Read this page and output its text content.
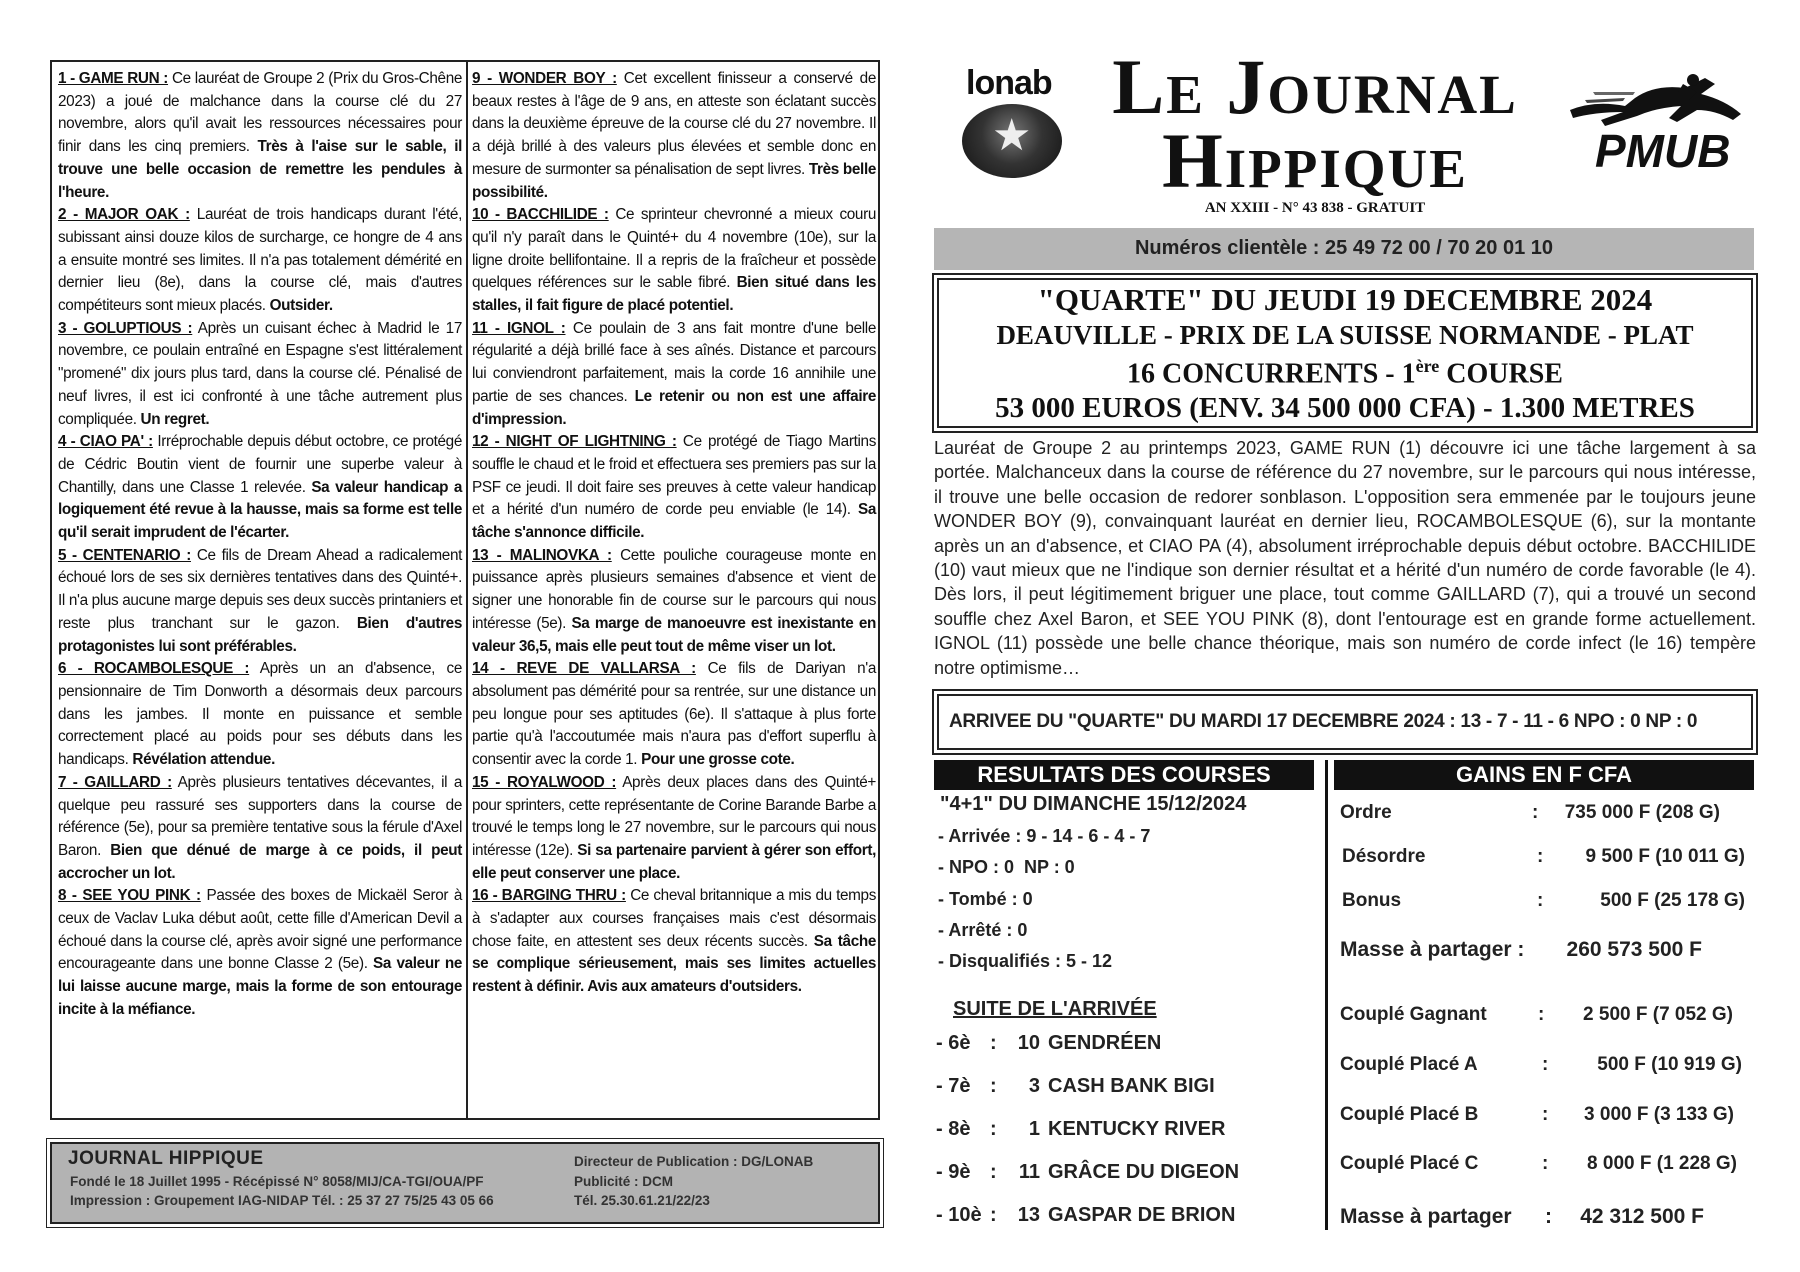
1 - GAME RUN : Ce lauréat de Groupe 2 (Prix du Gros-Chêne 2023) a joué de malchance dans la course clé du 27 novembre, alors qu'il avait les ressources nécessaires pour finir dans les cinq premiers. Très à l'aise sur le sable, il trouve une belle occasion de remettre les pendules à l'heure.

2 - MAJOR OAK : Lauréat de trois handicaps durant l'été, subissant ainsi douze kilos de surcharge, ce hongre de 4 ans a ensuite montré ses limites. Il n'a pas totalement démérité en dernier lieu (8e), dans la course clé, mais d'autres compétiteurs sont mieux placés. Outsider.

3 - GOLUPTIOUS : Après un cuisant échec à Madrid le 17 novembre, ce poulain entraîné en Espagne s'est littéralement "promené" dix jours plus tard, dans la course clé. Pénalisé de neuf livres, il est ici confronté à une tâche autrement plus compliquée. Un regret.

4 - CIAO PA' : Irréprochable depuis début octobre, ce protégé de Cédric Boutin vient de fournir une superbe valeur à Chantilly, dans une Classe 1 relevée. Sa valeur handicap a logiquement été revue à la hausse, mais sa forme est telle qu'il serait imprudent de l'écarter.

5 - CENTENARIO : Ce fils de Dream Ahead a radicalement échoué lors de ses six dernières tentatives dans des Quinté+. Il n'a plus aucune marge depuis ses deux succès printaniers et reste plus tranchant sur le gazon. Bien d'autres protagonistes lui sont préférables.

6 - ROCAMBOLESQUE : Après un an d'absence, ce pensionnaire de Tim Donworth a désormais deux parcours dans les jambes. Il monte en puissance et semble correctement placé au poids pour ses débuts dans les handicaps. Révélation attendue.

7 - GAILLARD : Après plusieurs tentatives décevantes, il a quelque peu rassuré ses supporters dans la course de référence (5e), pour sa première tentative sous la férule d'Axel Baron. Bien que dénué de marge à ce poids, il peut accrocher un lot.

8 - SEE YOU PINK : Passée des boxes de Mickaël Seror à ceux de Vaclav Luka début août, cette fille d'American Devil a échoué dans la course clé, après avoir signé une performance encourageante dans une bonne Classe 2 (5e). Sa valeur ne lui laisse aucune marge, mais la forme de son entourage incite à la méfiance.

9 - WONDER BOY : Cet excellent finisseur a conservé de beaux restes à l'âge de 9 ans, en atteste son éclatant succès dans la deuxième épreuve de la course clé du 27 novembre. Il a déjà brillé à des valeurs plus élevées et semble donc en mesure de surmonter sa pénalisation de sept livres. Très belle possibilité.

10 - BACCHILIDE : Ce sprinteur chevronné a mieux couru qu'il n'y paraît dans le Quinté+ du 4 novembre (10e), sur la ligne droite bellifontaine. Il a repris de la fraîcheur et possède quelques références sur le sable fibré. Bien situé dans les stalles, il fait figure de placé potentiel.

11 - IGNOL : Ce poulain de 3 ans fait montre d'une belle régularité a déjà brillé face à ses aînés. Distance et parcours lui conviendront parfaitement, mais la corde 16 annihile une partie de ses chances. Le retenir ou non est une affaire d'impression.

12 - NIGHT OF LIGHTNING : Ce protégé de Tiago Martins souffle le chaud et le froid et effectuera ses premiers pas sur la PSF ce jeudi. Il doit faire ses preuves à cette valeur handicap et a hérité d'un numéro de corde peu enviable (le 14). Sa tâche s'annonce difficile.

13 - MALINOVKA : Cette pouliche courageuse monte en puissance après plusieurs semaines d'absence et vient de signer une honorable fin de course sur le parcours qui nous intéresse (5e). Sa marge de manoeuvre est inexistante en valeur 36,5, mais elle peut tout de même viser un lot.

14 - REVE DE VALLARSA : Ce fils de Dariyan n'a absolument pas démérité pour sa rentrée, sur une distance un peu longue pour ses aptitudes (6e). Il s'attaque à plus forte partie qu'à l'accoutumée mais n'aura pas d'effort superflu à consentir avec la corde 1. Pour une grosse cote.

15 - ROYALWOOD : Après deux places dans des Quinté+ pour sprinters, cette représentante de Corine Barande Barbe a trouvé le temps long le 27 novembre, sur le parcours qui nous intéresse (12e). Si sa partenaire parvient à gérer son effort, elle peut conserver une place.

16 - BARGING THRU : Ce cheval britannique a mis du temps à s'adapter aux courses françaises mais c'est désormais chose faite, en attestent ses deux récents succès. Sa tâche se complique sérieusement, mais ses limites actuelles restent à définir. Avis aux amateurs d'outsiders.

JOURNAL HIPPIQUE
Fondé le 18 Juillet 1995 - Récépissé N° 8058/MIJ/CA-TGI/OUA/PF
Impression : Groupement IAG-NIDAP Tél. : 25 37 27 75/25 43 05 66
Directeur de Publication : DG/LONAB
Publicité : DCM
Tél. 25.30.61.21/22/23
lonab
★
Le Journal
Hippique
AN XXIII - N° 43 838 - GRATUIT
PMUB
Numéros clientèle : 25 49 72 00 / 70 20 01 10
"QUARTE" DU JEUDI 19 DECEMBRE 2024
DEAUVILLE - PRIX DE LA SUISSE NORMANDE - PLAT
16 CONCURRENTS - 1ère COURSE
53 000 EUROS (ENV. 34 500 000 CFA) - 1.300 METRES
Lauréat de Groupe 2 au printemps 2023, GAME RUN (1) découvre ici une tâche largement à sa portée. Malchanceux dans la course de référence du 27 novembre, sur le parcours qui nous intéresse, il trouve une belle occasion de redorer sonblason. L'opposition sera emmenée par le toujours jeune WONDER BOY (9), convainquant lauréat en dernier lieu, ROCAMBOLESQUE (6), sur la montante après un an d'absence, et CIAO PA (4), absolument irréprochable depuis début octobre. BACCHILIDE (10) vaut mieux que ne l'indique son dernier résultat et a hérité d'un numéro de corde favorable (le 4). Dès lors, il peut légitimement briguer une place, tout comme GAILLARD (7), qui a trouvé un second souffle chez Axel Baron, et SEE YOU PINK (8), dont l'entourage est en grande forme actuellement. IGNOL (11) possède une belle chance théorique, mais son numéro de corde infect (le 16) tempère notre optimisme…
ARRIVEE DU "QUARTE" DU MARDI 17 DECEMBRE 2024 : 13 - 7 - 11 - 6 NPO : 0 NP : 0
RESULTATS DES COURSES	GAINS EN F CFA
"4+1" DU DIMANCHE 15/12/2024
- Arrivée : 9 - 14 - 6 - 4 - 7
- NPO : 0  NP : 0
- Tombé : 0
- Arrêté : 0
- Disqualifiés : 5 - 12
SUITE DE L'ARRIVÉE
- 6è :	10 GENDRÉEN
- 7è :	3 CASH BANK BIGI
- 8è :	1 KENTUCKY RIVER
- 9è :	11 GRÂCE DU DIGEON
- 10è :	13 GASPAR DE BRION
Ordre	:	735 000 F (208 G)
Désordre	:	9 500 F (10 011 G)
Bonus	:	500 F (25 178 G)
Masse à partager :	260 573 500 F
Couplé Gagnant	:	2 500 F (7 052 G)
Couplé Placé A	:	500 F (10 919 G)
Couplé Placé B	:	3 000 F (3 133 G)
Couplé Placé C	:	8 000 F (1 228 G)
Masse à partager :	42 312 500 F
